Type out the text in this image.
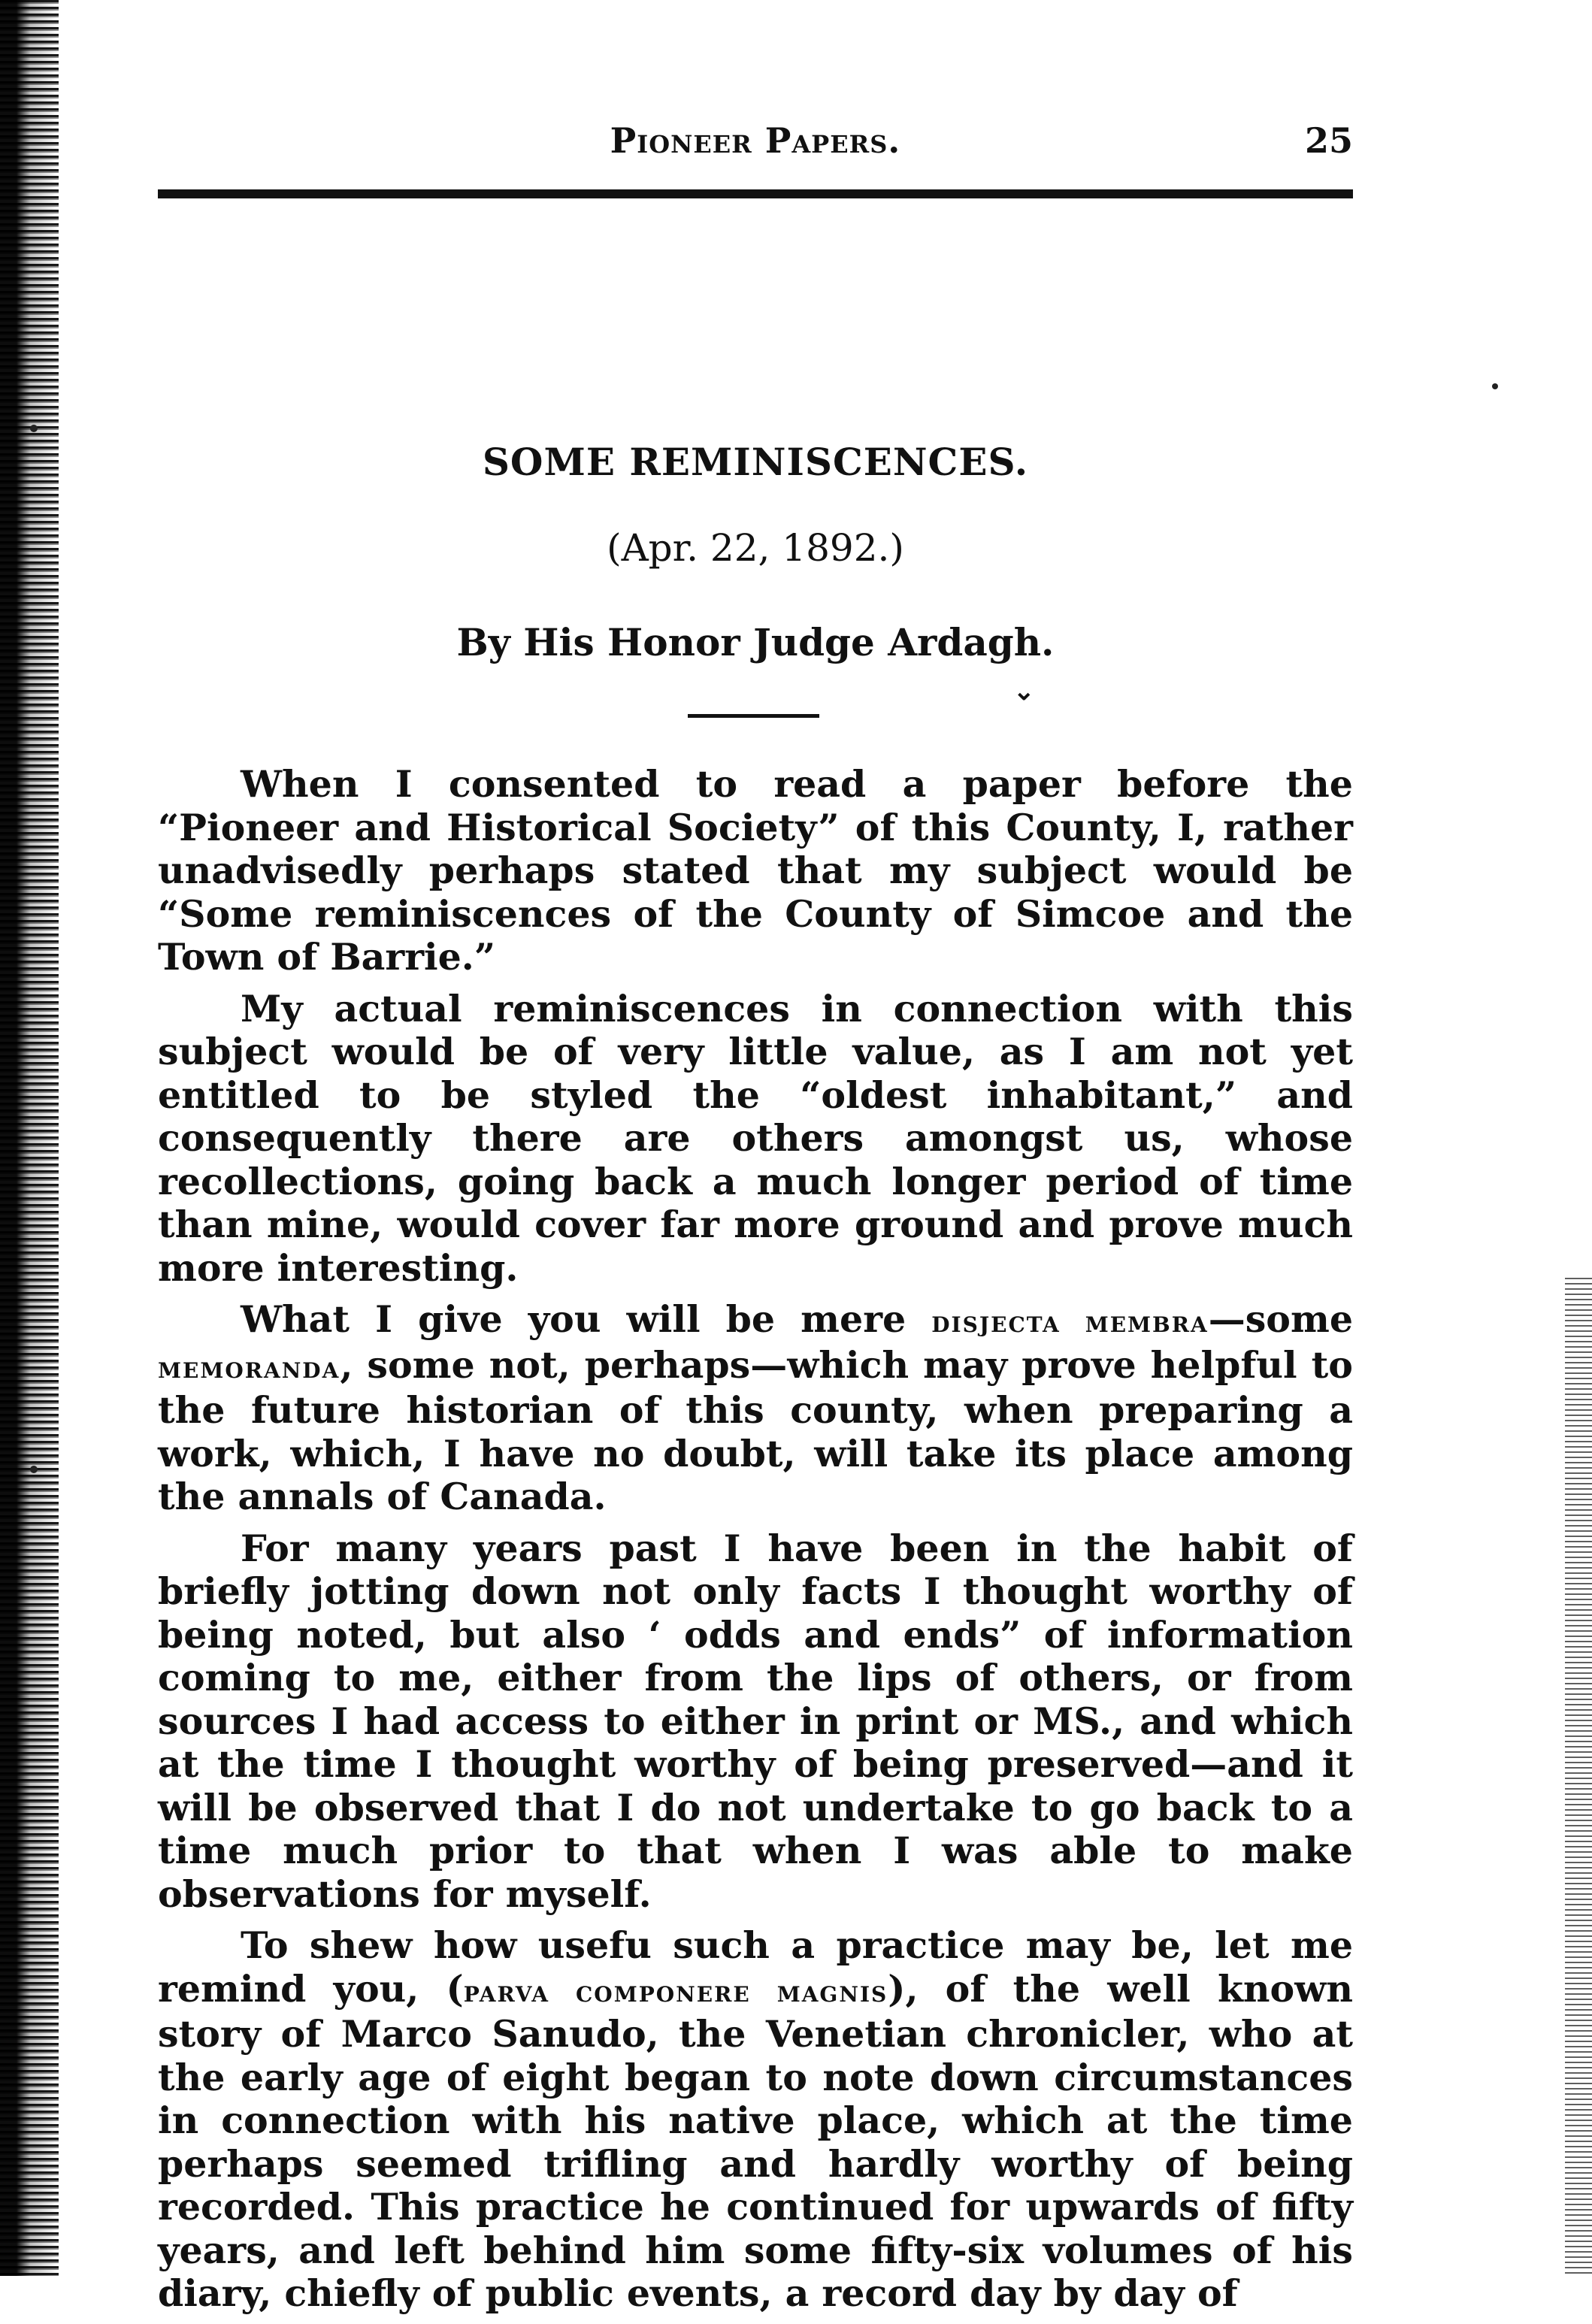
Pioneer Papers.	25
SOME REMINISCENCES.
(Apr. 22, 1892.)
By His Honor Judge Ardagh.
⌄

When I consented to read a paper before the “Pioneer and Historical Society” of this County, I, rather unadvisedly perhaps stated that my subject would be “Some reminiscences of the County of Simcoe and the Town of Barrie.”

My actual reminiscences in connection with this subject would be of very little value, as I am not yet entitled to be styled the “oldest inhabitant,” and consequently there are others amongst us, whose recollections, going back a much longer period of time than mine, would cover far more ground and prove much more interesting.

What I give you will be mere disjecta membra—some memoranda, some not, perhaps—which may prove helpful to the future historian of this county, when preparing a work, which, I have no doubt, will take its place among the annals of Canada.

For many years past I have been in the habit of briefly jotting down not only facts I thought worthy of being noted, but also ‘ odds and ends” of information coming to me, either from the lips of others, or from sources I had access to either in print or MS., and which at the time I thought worthy of being preserved—and it will be observed that I do not undertake to go back to a time much prior to that when I was able to make observations for myself.

To shew how usefu such a practice may be, let me remind you, (parva componere magnis), of the well known story of Marco Sanudo, the Venetian chronicler, who at the early age of eight began to note down circumstances in connection with his native place, which at the time perhaps seemed trifling and hardly worthy of being recorded. This practice he continued for upwards of fifty years, and left behind him some fifty-six volumes of his diary, chiefly of public events, a record day by day of
